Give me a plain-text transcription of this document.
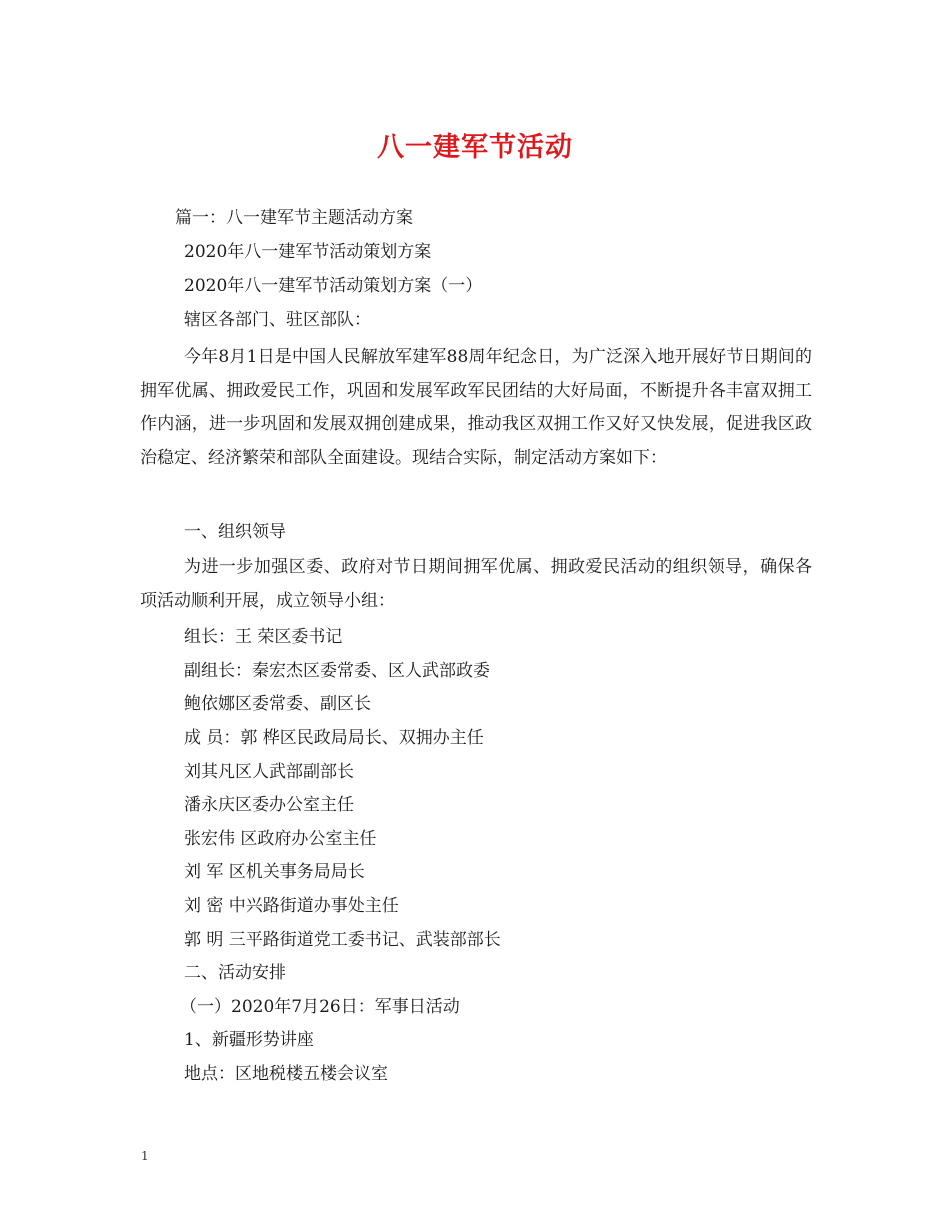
八一建军节活动
篇一：八一建军节主题活动方案
2020年八一建军节活动策划方案
2020年八一建军节活动策划方案（一）
辖区各部门、驻区部队：
今年8月1日是中国人民解放军建军88周年纪念日，为广泛深入地开展好节日期间的拥军优属、拥政爱民工作，巩固和发展军政军民团结的大好局面，不断提升各丰富双拥工作内涵，进一步巩固和发展双拥创建成果，推动我区双拥工作又好又快发展，促进我区政治稳定、经济繁荣和部队全面建设。现结合实际，制定活动方案如下：
一、组织领导
为进一步加强区委、政府对节日期间拥军优属、拥政爱民活动的组织领导，确保各项活动顺利开展，成立领导小组：
组长：王 荣区委书记
副组长：秦宏杰区委常委、区人武部政委
鲍依娜区委常委、副区长
成 员：郭 桦区民政局局长、双拥办主任
刘其凡区人武部副部长
潘永庆区委办公室主任
张宏伟 区政府办公室主任
刘 军 区机关事务局局长
刘 密 中兴路街道办事处主任
郭 明 三平路街道党工委书记、武装部部长
二、活动安排
（一）2020年7月26日：军事日活动
1、新疆形势讲座
地点：区地税楼五楼会议室
1
